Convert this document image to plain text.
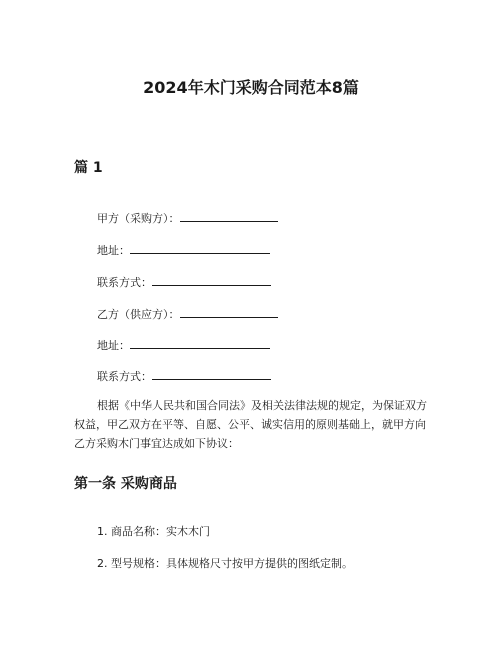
2024年木门采购合同范本8篇
篇 1
甲方（采购方）：
地址：
联系方式：
乙方（供应方）：
地址：
联系方式：

根据《中华人民共和国合同法》及相关法律法规的规定，为保证双方权益，甲乙双方在平等、自愿、公平、诚实信用的原则基础上，就甲方向乙方采购木门事宜达成如下协议：

第一条 采购商品
1. 商品名称：实木木门
2. 型号规格：具体规格尺寸按甲方提供的图纸定制。
